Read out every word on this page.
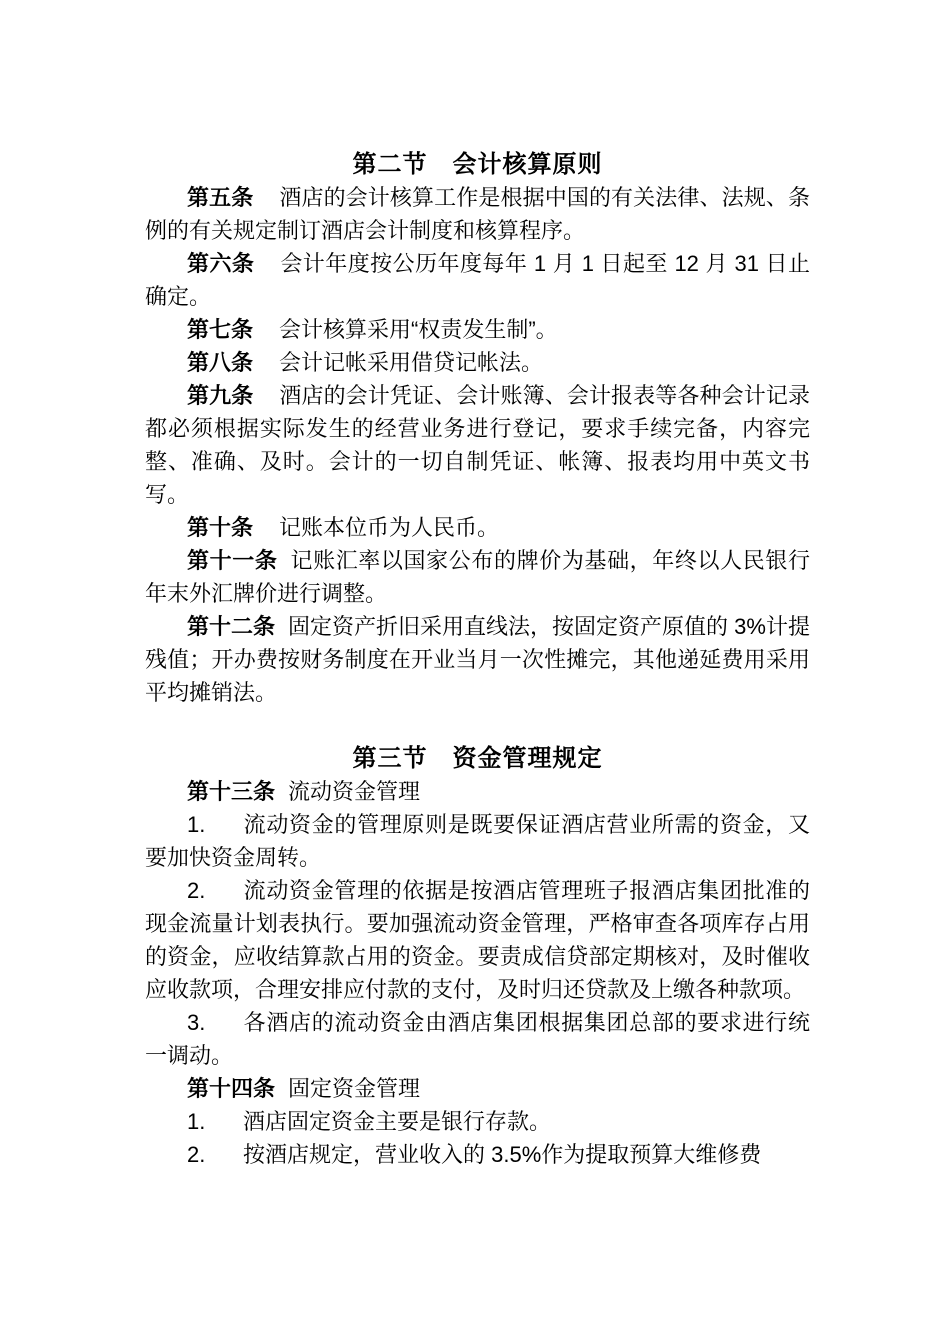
第二节　会计核算原则

第五条 酒店的会计核算工作是根据中国的有关法律、法规、条例的有关规定制订酒店会计制度和核算程序。

第六条 会计年度按公历年度每年 1 月 1 日起至 12 月 31 日止确定。

第七条 会计核算采用“权责发生制”。

第八条 会计记帐采用借贷记帐法。

第九条 酒店的会计凭证、会计账簿、会计报表等各种会计记录都必须根据实际发生的经营业务进行登记，要求手续完备，内容完整、准确、及时。会计的一切自制凭证、帐簿、报表均用中英文书写。

第十条 记账本位币为人民币。

第十一条 记账汇率以国家公布的牌价为基础，年终以人民银行年末外汇牌价进行调整。

第十二条 固定资产折旧采用直线法，按固定资产原值的 3%计提残值；开办费按财务制度在开业当月一次性摊完，其他递延费用采用平均摊销法。

第三节　资金管理规定

第十三条 流动资金管理

1. 流动资金的管理原则是既要保证酒店营业所需的资金，又要加快资金周转。

2. 流动资金管理的依据是按酒店管理班子报酒店集团批准的现金流量计划表执行。要加强流动资金管理，严格审查各项库存占用的资金，应收结算款占用的资金。要责成信贷部定期核对，及时催收应收款项，合理安排应付款的支付，及时归还贷款及上缴各种款项。

3. 各酒店的流动资金由酒店集团根据集团总部的要求进行统一调动。

第十四条 固定资金管理

1. 酒店固定资金主要是银行存款。

2. 按酒店规定，营业收入的 3.5%作为提取预算大维修费
